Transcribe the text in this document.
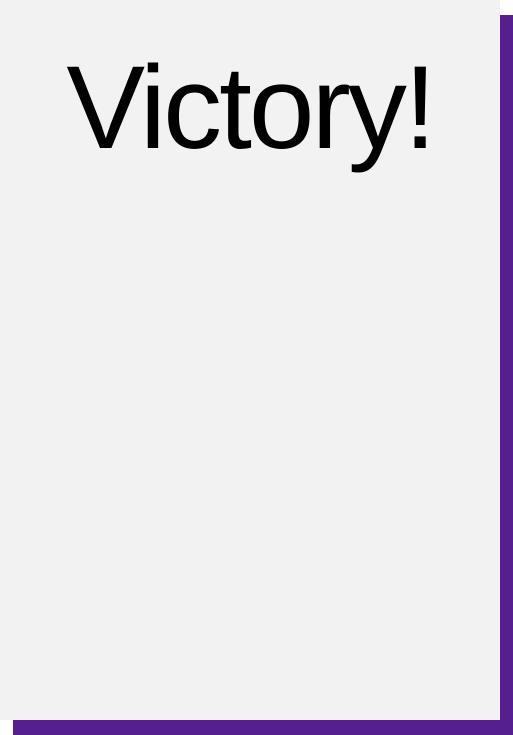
Victory!
